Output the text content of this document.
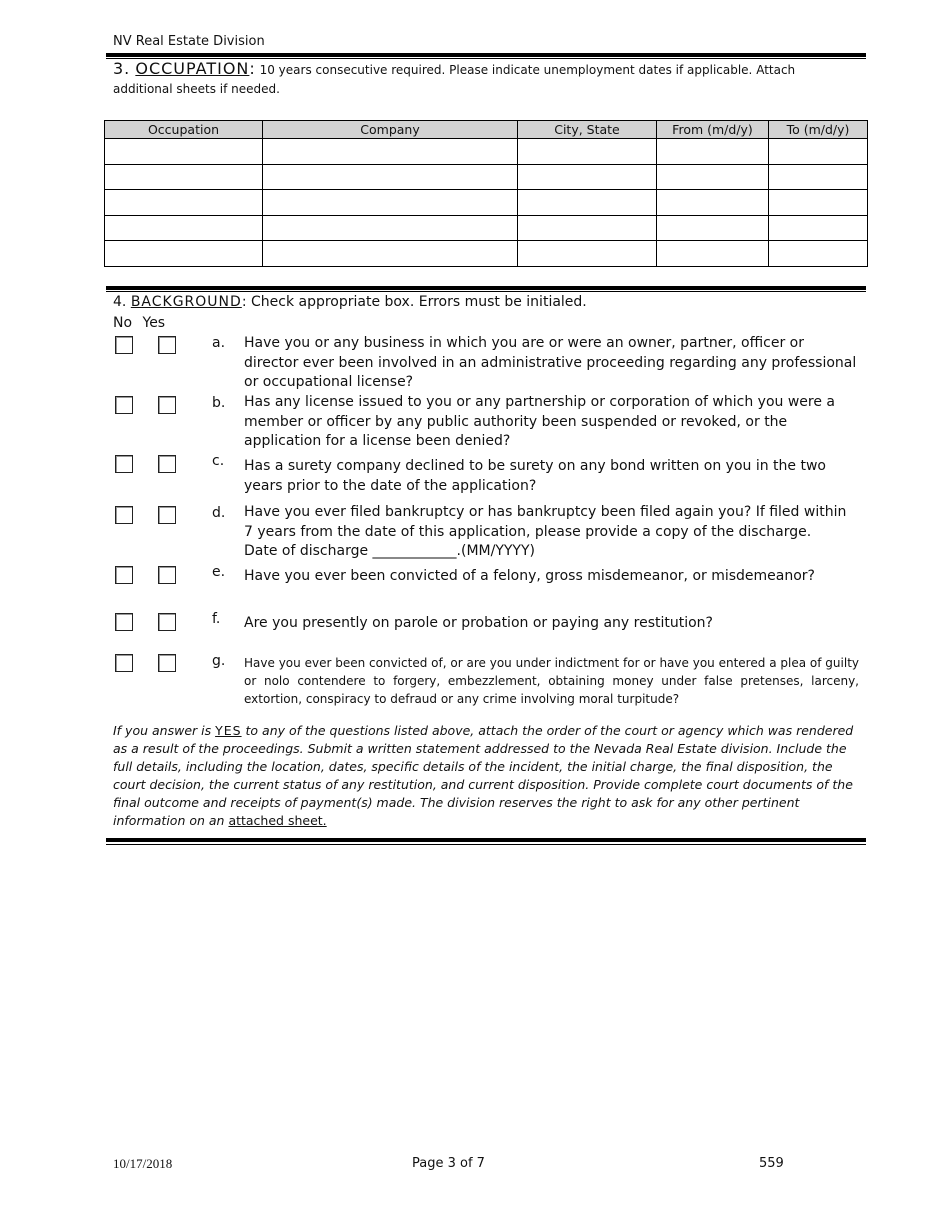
NV Real Estate Division
3. OCCUPATION: 10 years consecutive required. Please indicate unemployment dates if applicable. Attach additional sheets if needed.
Occupation	Company	City, State	From (m/d/y)	To (m/d/y)

4. BACKGROUND: Check appropriate box. Errors must be initialed.
No Yes
a. Have you or any business in which you are or were an owner, partner, officer or director ever been involved in an administrative proceeding regarding any professional or occupational license?
b. Has any license issued to you or any partnership or corporation of which you were a member or officer by any public authority been suspended or revoked, or the application for a license been denied?
c. Has a surety company declined to be surety on any bond written on you in the two years prior to the date of the application?
d. Have you ever filed bankruptcy or has bankruptcy been filed again you? If filed within 7 years from the date of this application, please provide a copy of the discharge.
Date of discharge ____________.(MM/YYYY)
e. Have you ever been convicted of a felony, gross misdemeanor, or misdemeanor?
f. Are you presently on parole or probation or paying any restitution?
g. Have you ever been convicted of, or are you under indictment for or have you entered a plea of guilty or nolo contendere to forgery, embezzlement, obtaining money under false pretenses, larceny, extortion, conspiracy to defraud or any crime involving moral turpitude?
If you answer is YES to any of the questions listed above, attach the order of the court or agency which was rendered as a result of the proceedings. Submit a written statement addressed to the Nevada Real Estate division. Include the full details, including the location, dates, specific details of the incident, the initial charge, the final disposition, the court decision, the current status of any restitution, and current disposition. Provide complete court documents of the final outcome and receipts of payment(s) made. The division reserves the right to ask for any other pertinent information on an attached sheet.
10/17/2018	Page 3 of 7	559
